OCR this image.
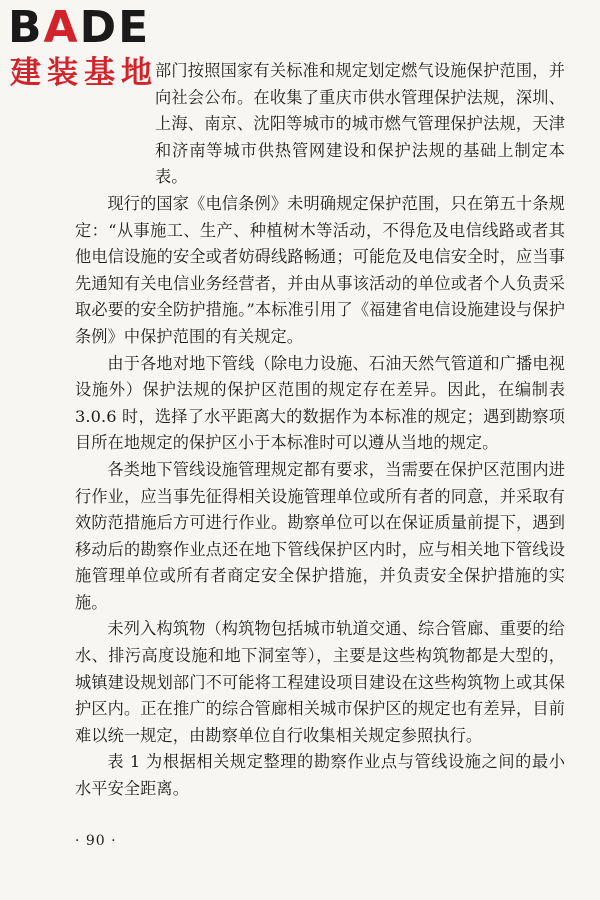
部门按照国家有关标准和规定划定燃气设施保护范围，并向社会公布。在收集了重庆市供水管理保护法规，深圳、上海、南京、沈阳等城市的城市燃气管理保护法规，天津和济南等城市供热管网建设和保护法规的基础上制定本表。

现行的国家《电信条例》未明确规定保护范围，只在第五十条规定：“从事施工、生产、种植树木等活动，不得危及电信线路或者其他电信设施的安全或者妨碍线路畅通；可能危及电信安全时，应当事先通知有关电信业务经营者，并由从事该活动的单位或者个人负责采取必要的安全防护措施。”本标准引用了《福建省电信设施建设与保护条例》中保护范围的有关规定。

由于各地对地下管线（除电力设施、石油天然气管道和广播电视设施外）保护法规的保护区范围的规定存在差异。因此，在编制表 3.0.6 时，选择了水平距离大的数据作为本标准的规定；遇到勘察项目所在地规定的保护区小于本标准时可以遵从当地的规定。

各类地下管线设施管理规定都有要求，当需要在保护区范围内进行作业，应当事先征得相关设施管理单位或所有者的同意，并采取有效防范措施后方可进行作业。勘察单位可以在保证质量前提下，遇到移动后的勘察作业点还在地下管线保护区内时，应与相关地下管线设施管理单位或所有者商定安全保护措施，并负责安全保护措施的实施。

未列入构筑物（构筑物包括城市轨道交通、综合管廊、重要的给水、排污高度设施和地下洞室等），主要是这些构筑物都是大型的，城镇建设规划部门不可能将工程建设项目建设在这些构筑物上或其保护区内。正在推广的综合管廊相关城市保护区的规定也有差异，目前难以统一规定，由勘察单位自行收集相关规定参照执行。

表 1 为根据相关规定整理的勘察作业点与管线设施之间的最小水平安全距离。

BADE
建装基地
· 90 ·
